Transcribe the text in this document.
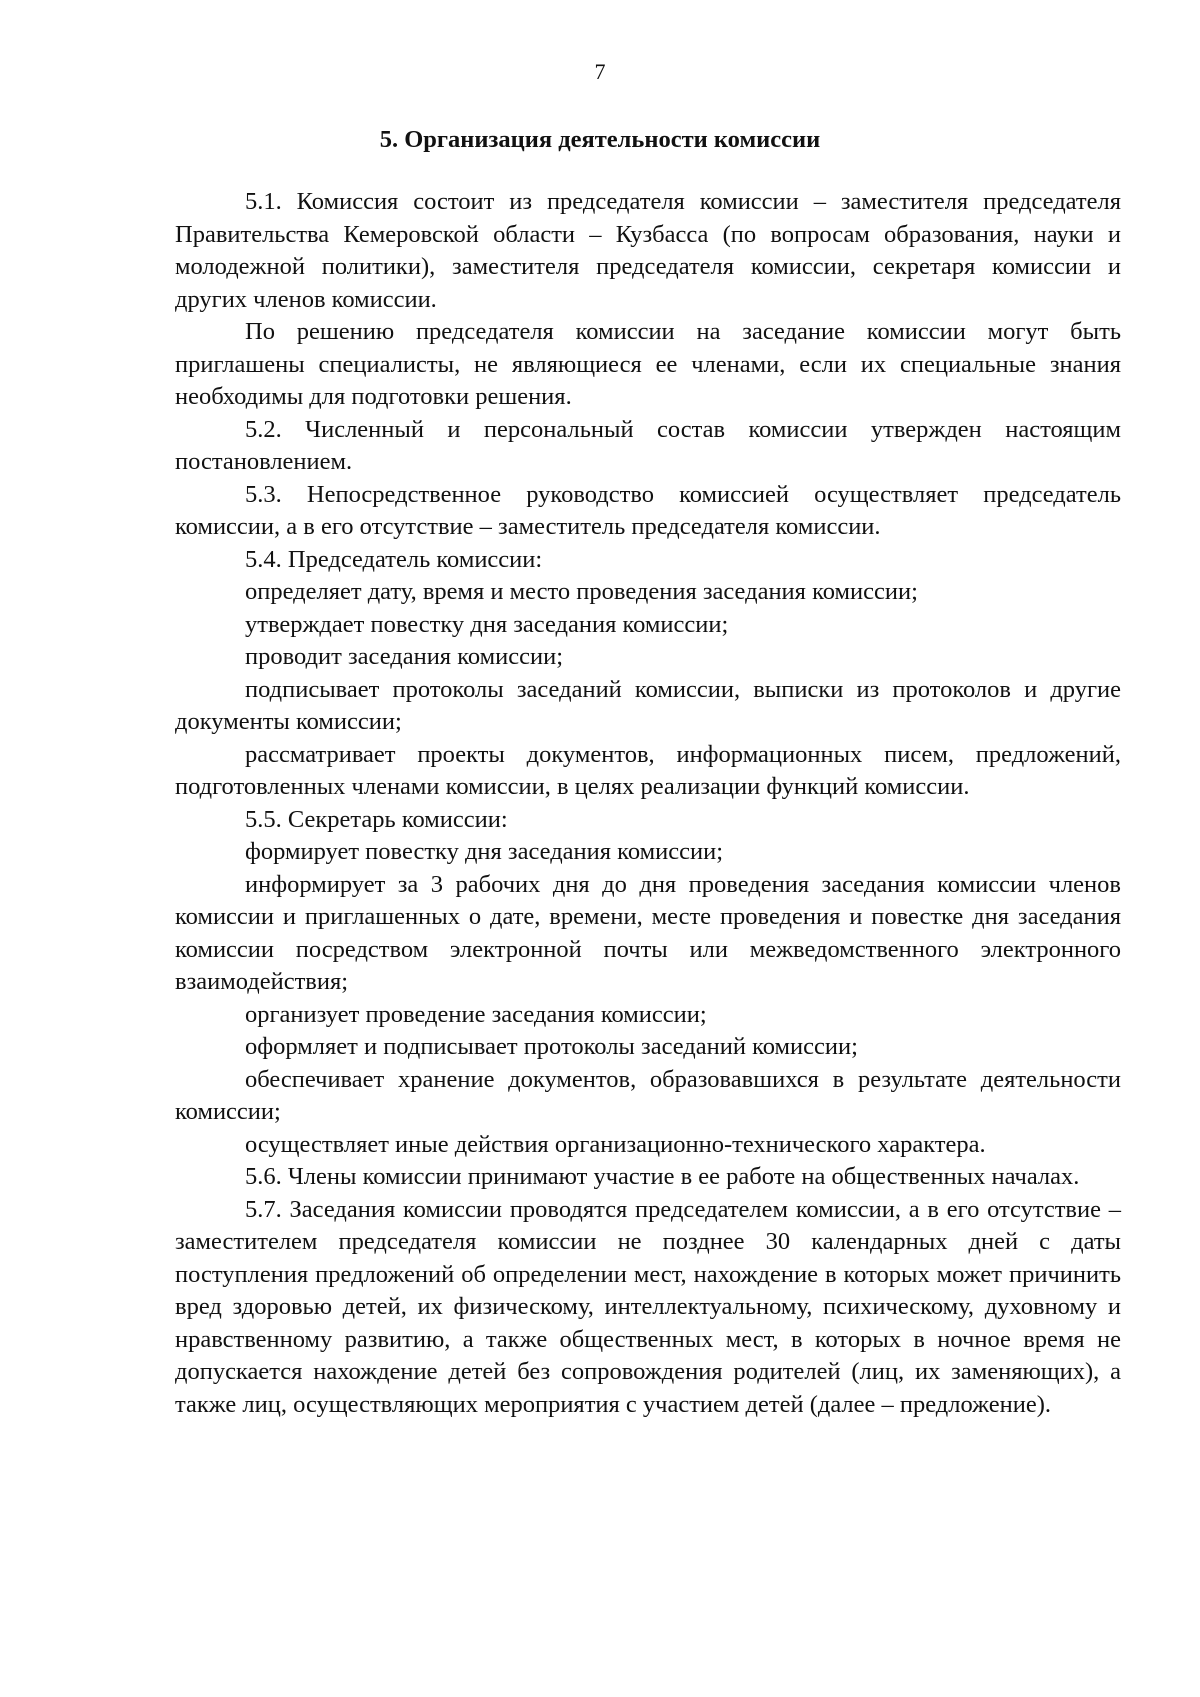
7
5. Организация деятельности комиссии

5.1. Комиссия состоит из председателя комиссии – заместителя председателя Правительства Кемеровской области – Кузбасса (по вопросам образования, науки и молодежной политики), заместителя председателя комиссии, секретаря комиссии и других членов комиссии.

По решению председателя комиссии на заседание комиссии могут быть приглашены специалисты, не являющиеся ее членами, если их специальные знания необходимы для подготовки решения.

5.2. Численный и персональный состав комиссии утвержден настоящим постановлением.

5.3. Непосредственное руководство комиссией осуществляет председатель комиссии, а в его отсутствие – заместитель председателя комиссии.

5.4. Председатель комиссии:

определяет дату, время и место проведения заседания комиссии;

утверждает повестку дня заседания комиссии;

проводит заседания комиссии;

подписывает протоколы заседаний комиссии, выписки из протоколов и другие документы комиссии;

рассматривает проекты документов, информационных писем, предложений, подготовленных членами комиссии, в целях реализации функций комиссии.

5.5. Секретарь комиссии:

формирует повестку дня заседания комиссии;

информирует за 3 рабочих дня до дня проведения заседания комиссии членов комиссии и приглашенных о дате, времени, месте проведения и повестке дня заседания комиссии посредством электронной почты или межведомственного электронного взаимодействия;

организует проведение заседания комиссии;

оформляет и подписывает протоколы заседаний комиссии;

обеспечивает хранение документов, образовавшихся в результате деятельности комиссии;

осуществляет иные действия организационно-технического характера.

5.6. Члены комиссии принимают участие в ее работе на общественных началах.

5.7. Заседания комиссии проводятся председателем комиссии, а в его отсутствие – заместителем председателя комиссии не позднее 30 календарных дней с даты поступления предложений об определении мест, нахождение в которых может причинить вред здоровью детей, их физическому, интеллектуальному, психическому, духовному и нравственному развитию, а также общественных мест, в которых в ночное время не допускается нахождение детей без сопровождения родителей (лиц, их заменяющих), а также лиц, осуществляющих мероприятия с участием детей (далее – предложение).
